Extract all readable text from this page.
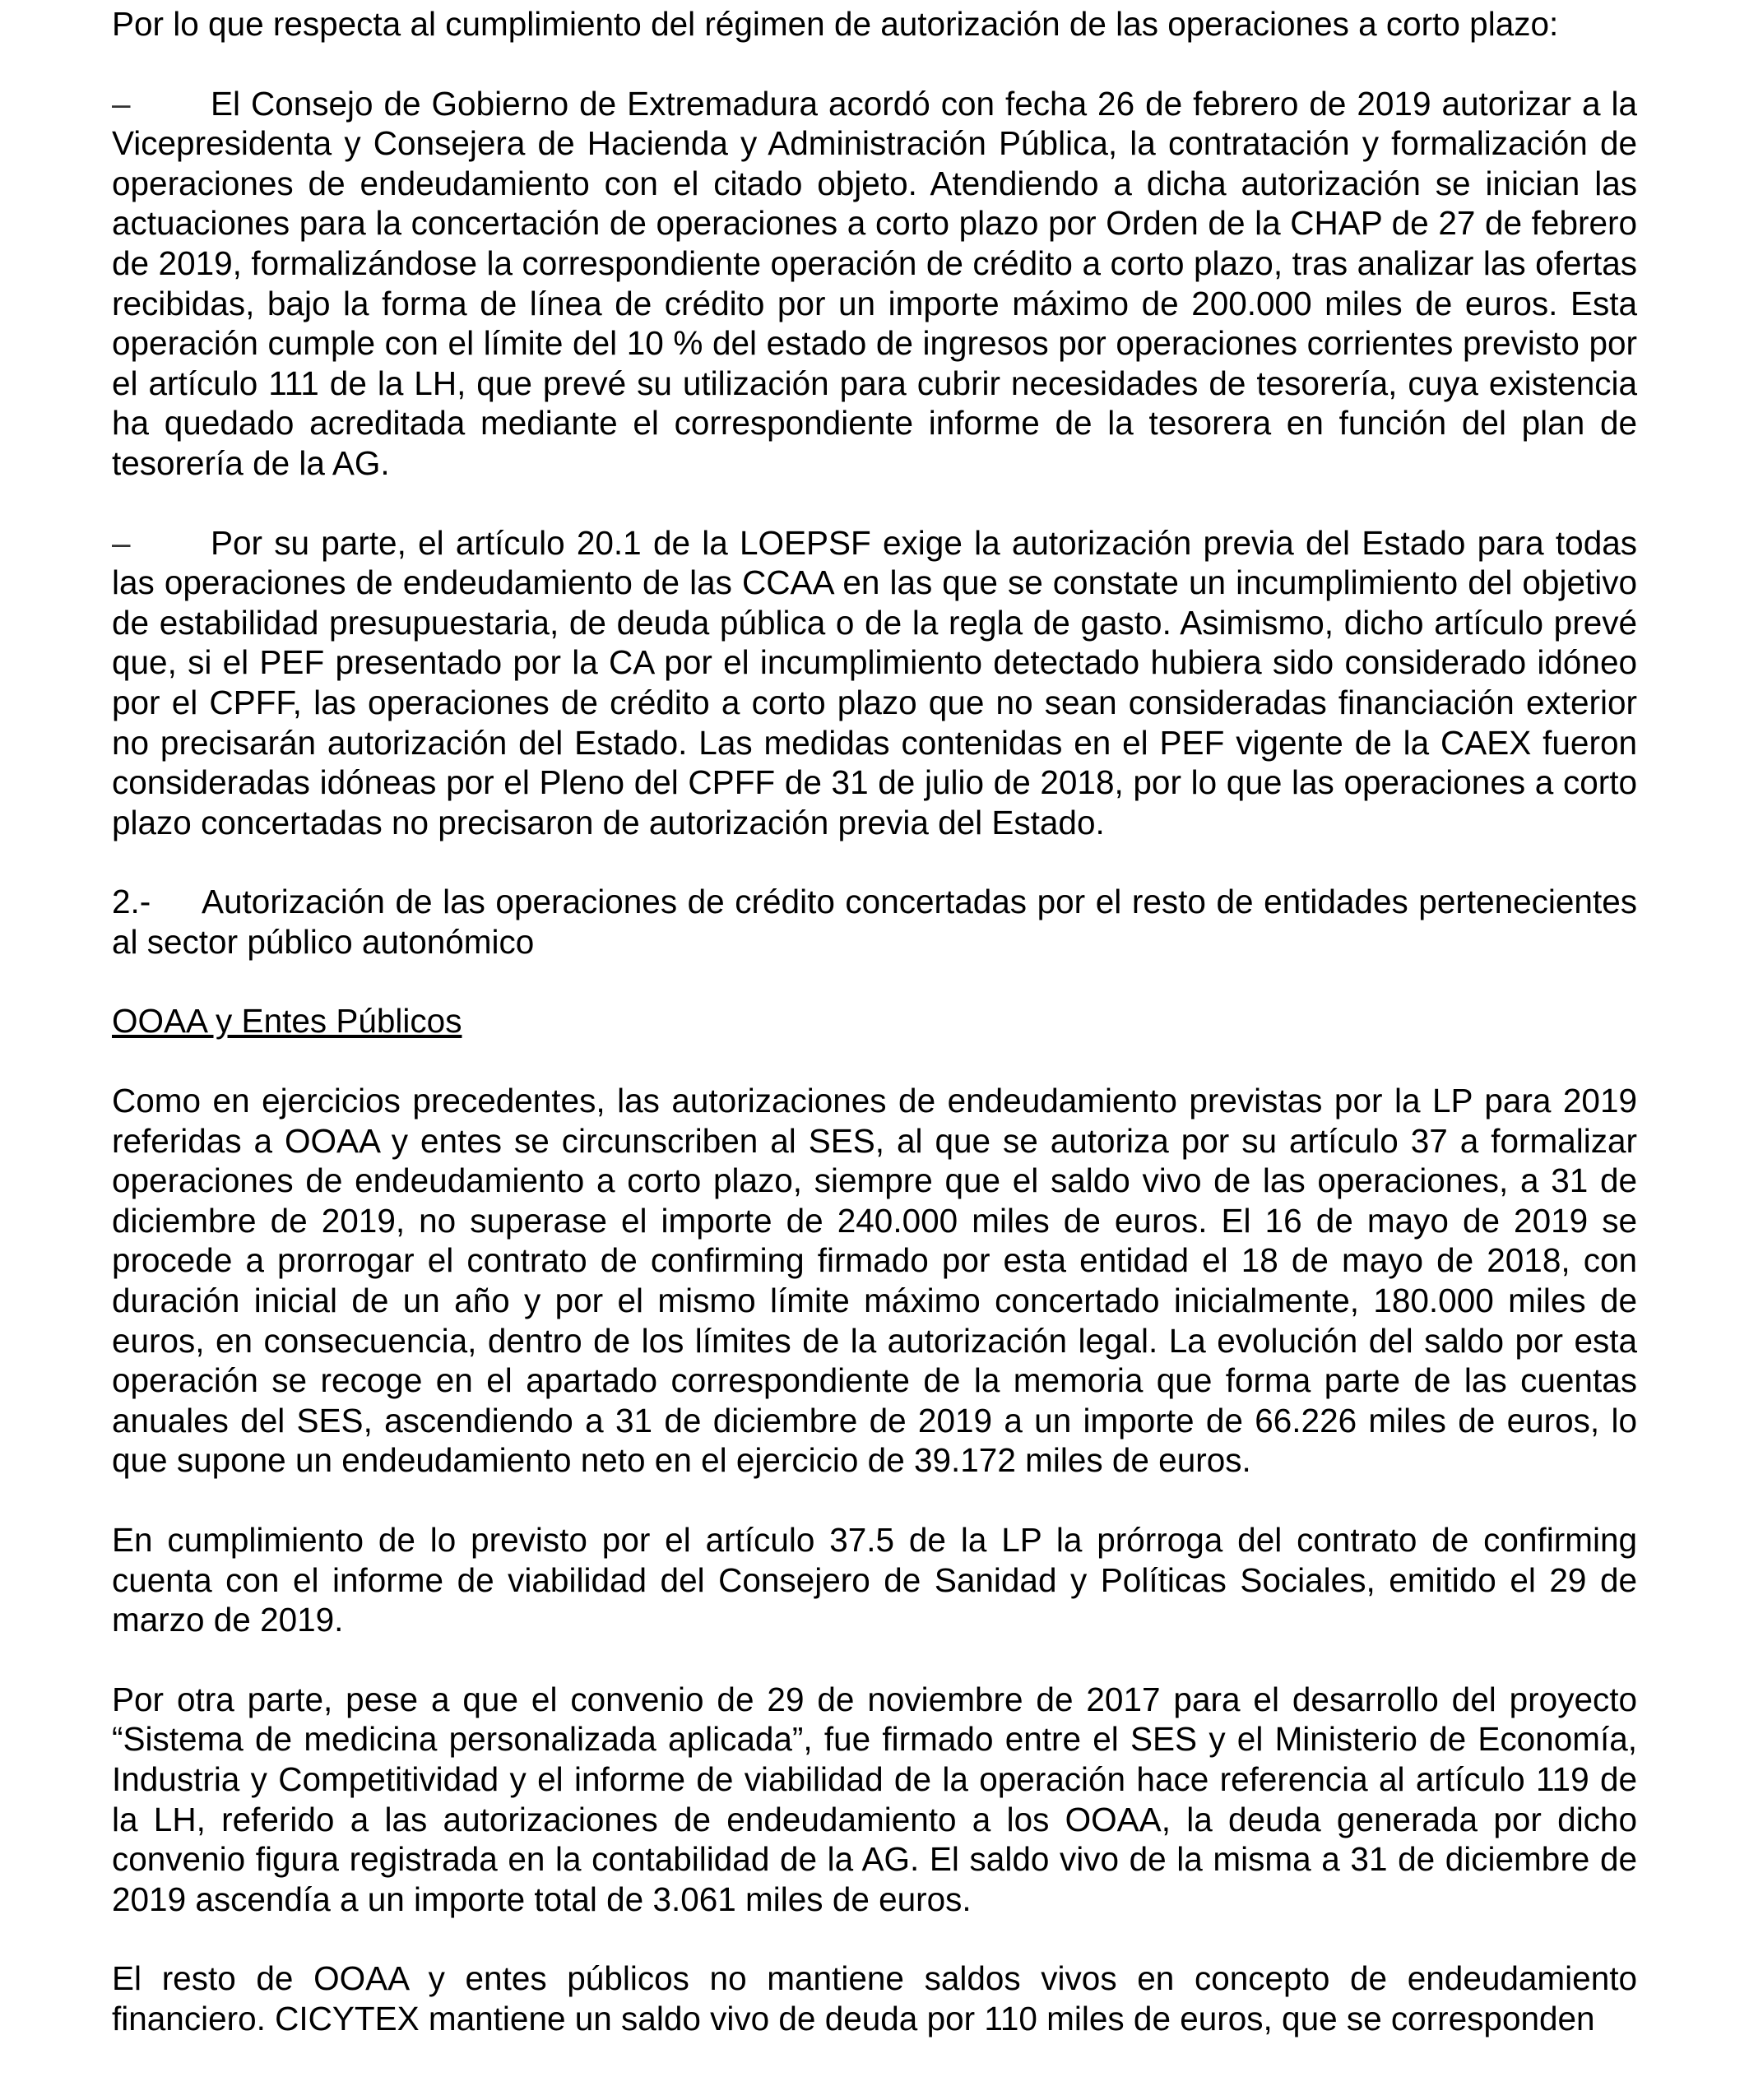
Por lo que respecta al cumplimiento del régimen de autorización de las operaciones a corto plazo:

– El Consejo de Gobierno de Extremadura acordó con fecha 26 de febrero de 2019 autorizar a la Vicepresidenta y Consejera de Hacienda y Administración Pública, la contratación y formalización de operaciones de endeudamiento con el citado objeto. Atendiendo a dicha autorización se inician las actuaciones para la concertación de operaciones a corto plazo por Orden de la CHAP de 27 de febrero de 2019, formalizándose la correspondiente operación de crédito a corto plazo, tras analizar las ofertas recibidas, bajo la forma de línea de crédito por un importe máximo de 200.000 miles de euros. Esta operación cumple con el límite del 10 % del estado de ingresos por operaciones corrientes previsto por el artículo 111 de la LH, que prevé su utilización para cubrir necesidades de tesorería, cuya existencia ha quedado acreditada mediante el correspondiente informe de la tesorera en función del plan de tesorería de la AG.

– Por su parte, el artículo 20.1 de la LOEPSF exige la autorización previa del Estado para todas las operaciones de endeudamiento de las CCAA en las que se constate un incumplimiento del objetivo de estabilidad presupuestaria, de deuda pública o de la regla de gasto. Asimismo, dicho artículo prevé que, si el PEF presentado por la CA por el incumplimiento detectado hubiera sido considerado idóneo por el CPFF, las operaciones de crédito a corto plazo que no sean consideradas financiación exterior no precisarán autorización del Estado. Las medidas contenidas en el PEF vigente de la CAEX fueron consideradas idóneas por el Pleno del CPFF de 31 de julio de 2018, por lo que las operaciones a corto plazo concertadas no precisaron de autorización previa del Estado.

2.- Autorización de las operaciones de crédito concertadas por el resto de entidades pertenecientes al sector público autonómico

OOAA y Entes Públicos

Como en ejercicios precedentes, las autorizaciones de endeudamiento previstas por la LP para 2019 referidas a OOAA y entes se circunscriben al SES, al que se autoriza por su artículo 37 a formalizar operaciones de endeudamiento a corto plazo, siempre que el saldo vivo de las operaciones, a 31 de diciembre de 2019, no superase el importe de 240.000 miles de euros. El 16 de mayo de 2019 se procede a prorrogar el contrato de confirming firmado por esta entidad el 18 de mayo de 2018, con duración inicial de un año y por el mismo límite máximo concertado inicialmente, 180.000 miles de euros, en consecuencia, dentro de los límites de la autorización legal. La evolución del saldo por esta operación se recoge en el apartado correspondiente de la memoria que forma parte de las cuentas anuales del SES, ascendiendo a 31 de diciembre de 2019 a un importe de 66.226 miles de euros, lo que supone un endeudamiento neto en el ejercicio de 39.172 miles de euros.

En cumplimiento de lo previsto por el artículo 37.5 de la LP la prórroga del contrato de confirming cuenta con el informe de viabilidad del Consejero de Sanidad y Políticas Sociales, emitido el 29 de marzo de 2019.

Por otra parte, pese a que el convenio de 29 de noviembre de 2017 para el desarrollo del proyecto “Sistema de medicina personalizada aplicada”, fue firmado entre el SES y el Ministerio de Economía, Industria y Competitividad y el informe de viabilidad de la operación hace referencia al artículo 119 de la LH, referido a las autorizaciones de endeudamiento a los OOAA, la deuda generada por dicho convenio figura registrada en la contabilidad de la AG. El saldo vivo de la misma a 31 de diciembre de 2019 ascendía a un importe total de 3.061 miles de euros.

El resto de OOAA y entes públicos no mantiene saldos vivos en concepto de endeudamiento financiero. CICYTEX mantiene un saldo vivo de deuda por 110 miles de euros, que se corresponden
